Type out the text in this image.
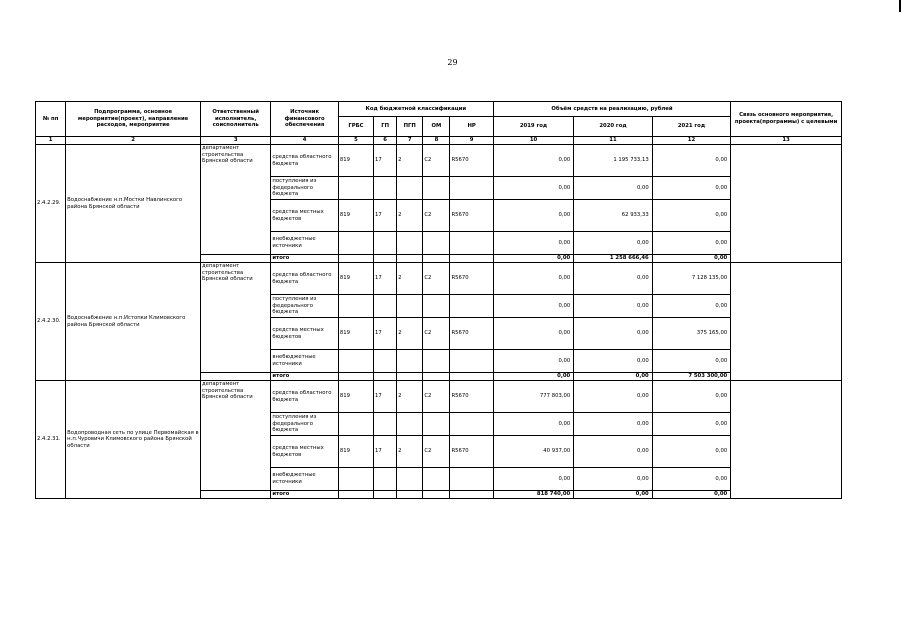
29
№ пп	Подпрограмма, основное мероприятие(проект), направление расходов, мероприятие	Ответственный исполнитель, соисполнитель	Источник финансового обеспечения	Код бюджетной классификации					Объём средств на реализацию, рублей			Связь основного мероприятия, проекта(программы) с целевыми
				ГРБС	ГП	ПГП	ОМ	НР	2019 год	2020 год	2021 год	
1	2	3	4	5	6	7	8	9	10	11	12	13
2.4.2.29.	Водоснабжение н.п.Мостки Навлинского района Брянской области	департамент строительства Брянской области	средства областного бюджета	819	17	2	С2	R5670	0,00	1 195 733,13	0,00	
			поступления из федерального бюджета						0,00	0,00	0,00	
			средства местных бюджетов	819	17	2	С2	R5670	0,00	62 933,33	0,00	
			внебюджетные источники						0,00	0,00	0,00	
			итого						0,00	1 258 666,46	0,00	
2.4.2.30.	Водоснабжение н.п.Истопки Климовского района Брянской области	департамент строительства Брянской области	средства областного бюджета	819	17	2	С2	R5670	0,00	0,00	7 128 135,00	
			поступления из федерального бюджета						0,00	0,00	0,00	
			средства местных бюджетов	819	17	2	С2	R5670	0,00	0,00	375 165,00	
			внебюджетные источники						0,00	0,00	0,00	
			итого						0,00	0,00	7 503 300,00	
2.4.2.31.	Водопроводная сеть по улице Первомайская в н.п.Чуровичи Климовского района Брянской области	департамент строительства Брянской области	средства областного бюджета	819	17	2	С2	R5670	777 803,00	0,00	0,00	
			поступления из федерального бюджета						0,00	0,00	0,00	
			средства местных бюджетов	819	17	2	С2	R5670	40 937,00	0,00	0,00	
			внебюджетные источники						0,00	0,00	0,00	
			итого						818 740,00	0,00	0,00	
